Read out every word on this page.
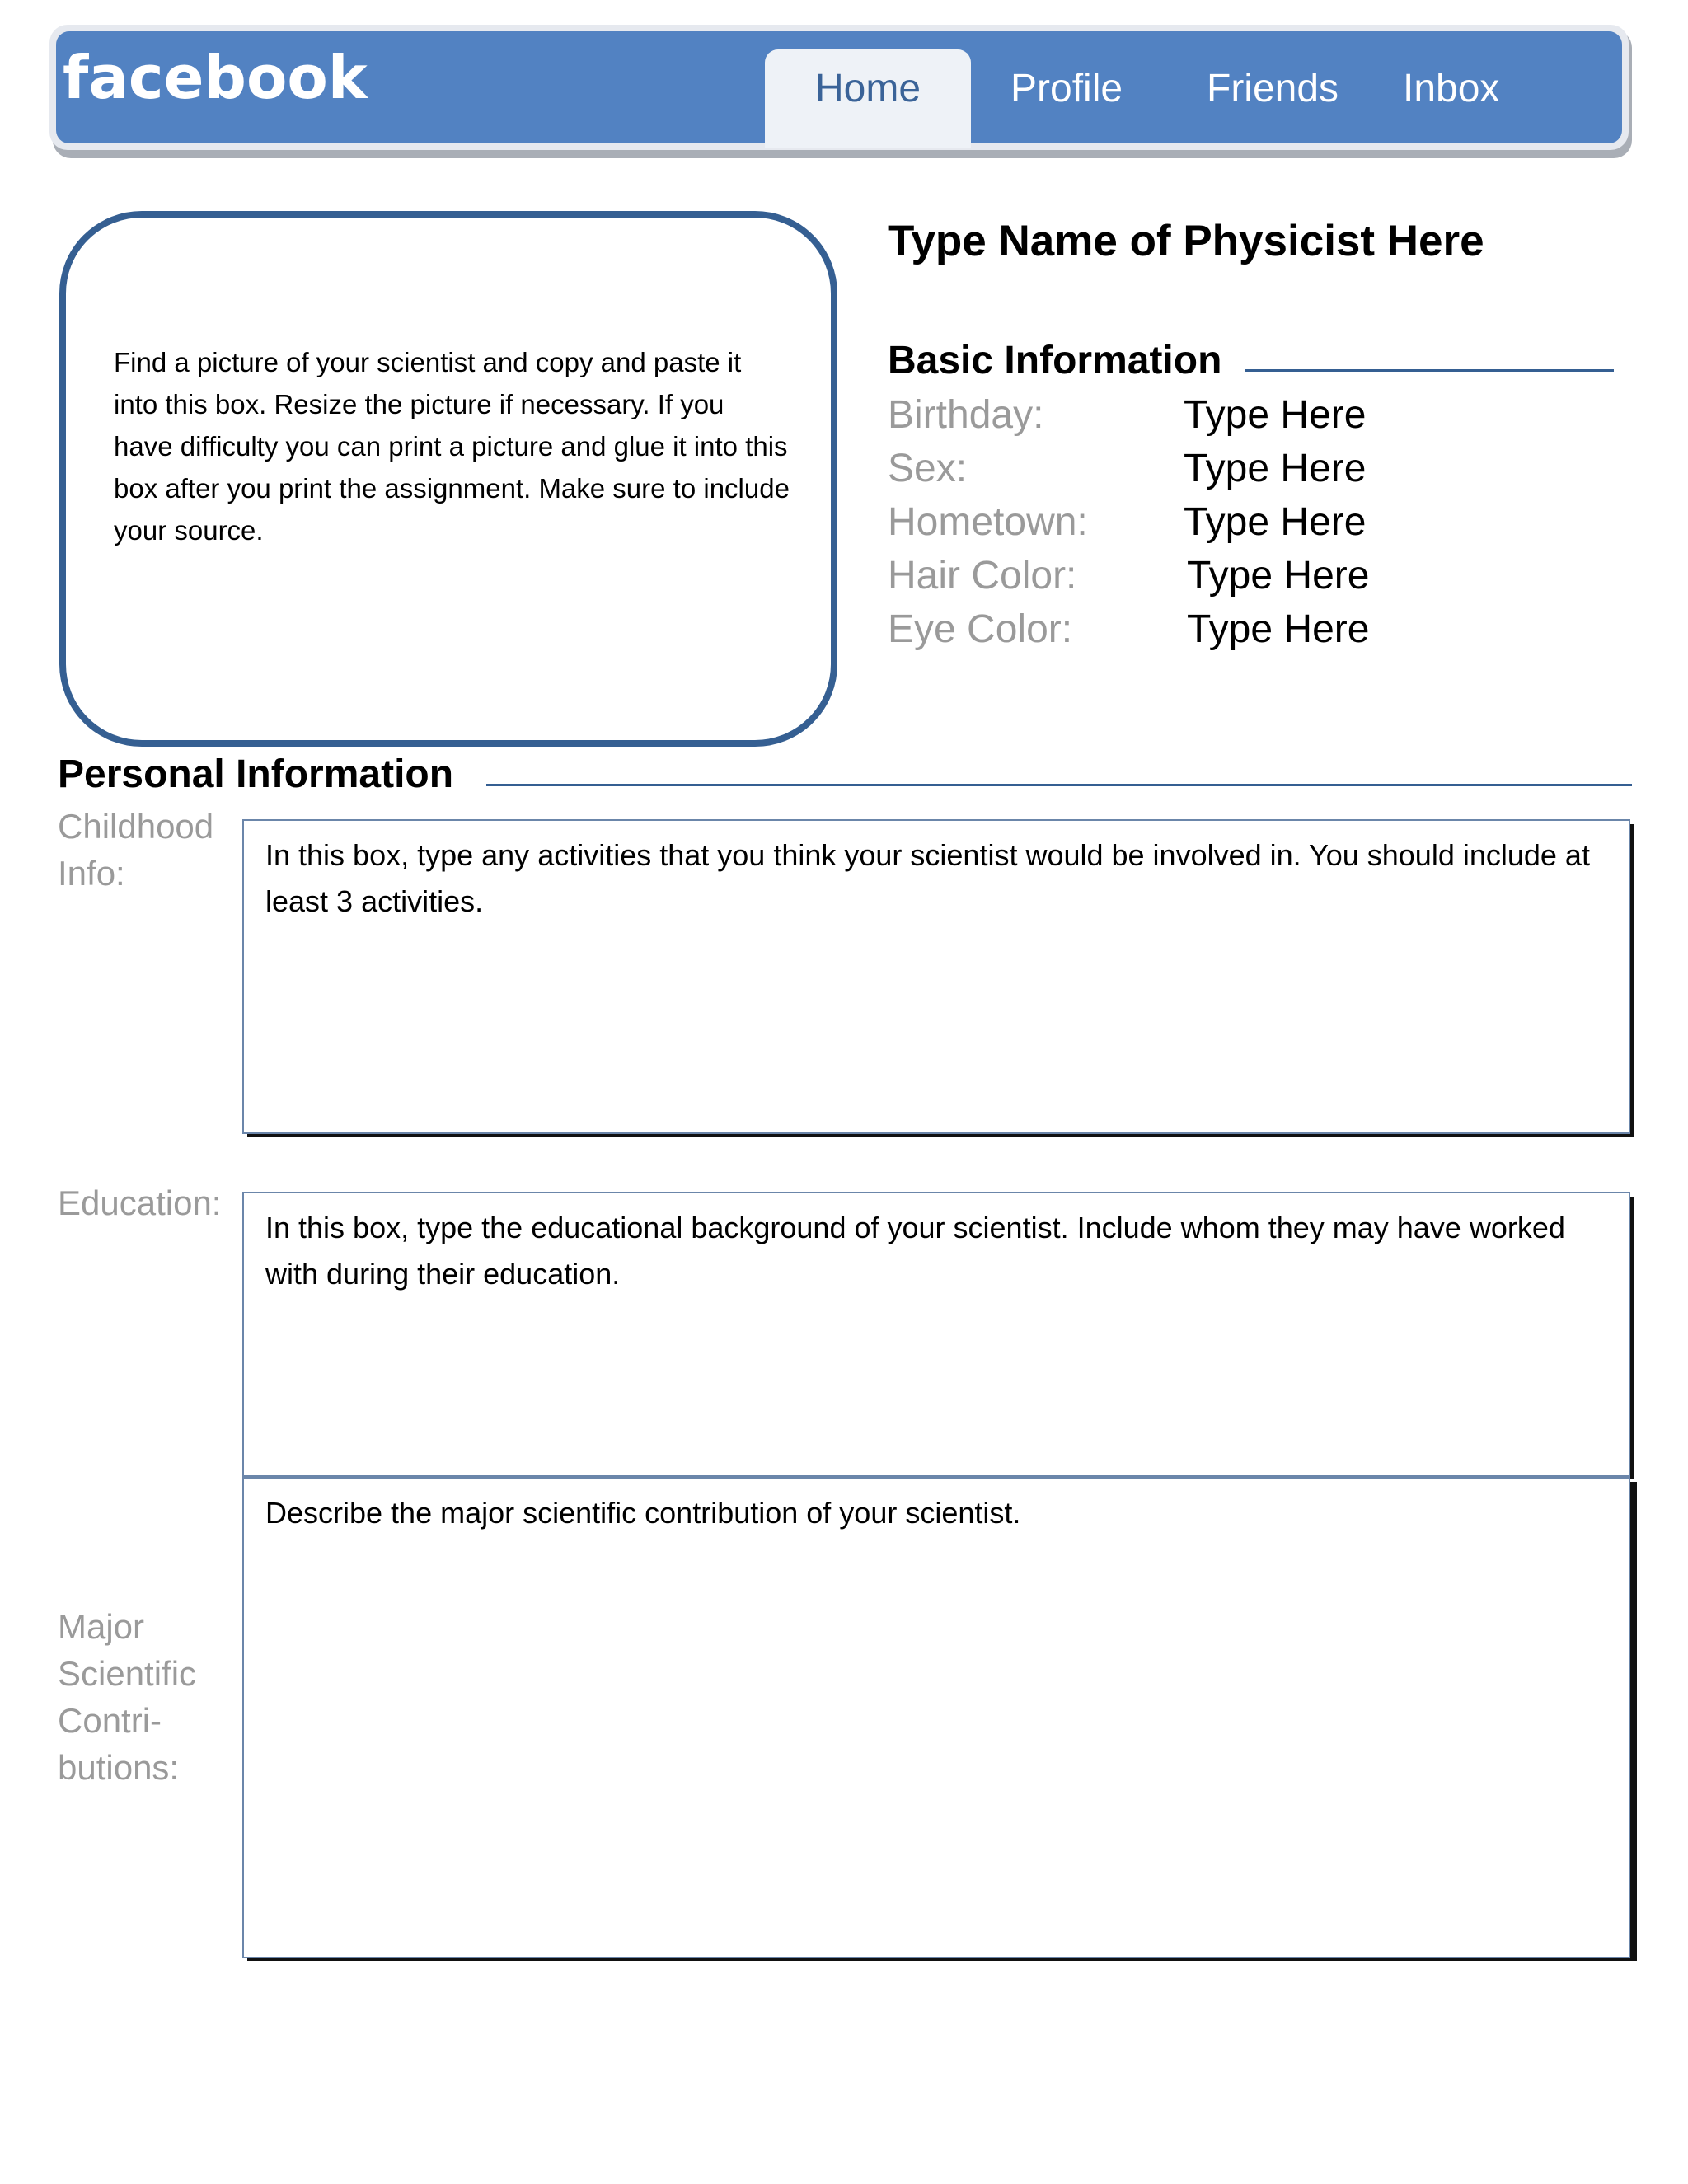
facebook	Home	Profile Friends Inbox
Find a picture of your scientist and copy and paste it into this box. Resize the picture if necessary. If you have difficulty you can print a picture and glue it into this box after you print the assignment. Make sure to include your source.
Type Name of Physicist Here
Basic Information
Birthday:	Type Here
Sex:	Type Here
Hometown: Type Here
Hair Color:	Type Here
Eye Color:	Type Here
Personal Information
Childhood
Info:	In this box, type any activities that you think your scientist would be involved in. You should include at least 3 activities.
Education:
In this box, type the educational background of your scientist. Include whom they may have worked with during their education.
Major
Scientific
Contri-
butions:
Describe the major scientific contribution of your scientist.
